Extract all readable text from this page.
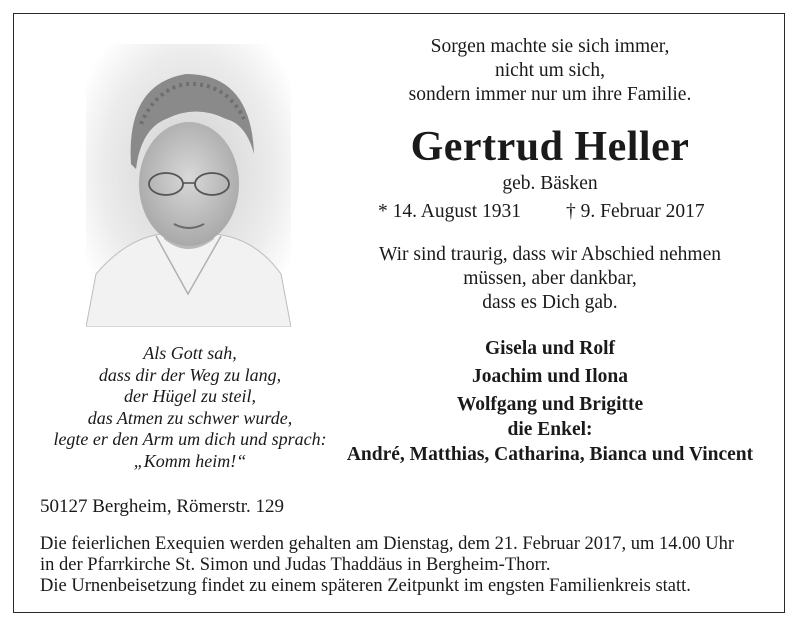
Sorgen machte sie sich immer,
nicht um sich,
sondern immer nur um ihre Familie.
Gertrud Heller
geb. Bäsken
* 14. August 1931 † 9. Februar 2017
Wir sind traurig, dass wir Abschied nehmen
müssen, aber dankbar,
dass es Dich gab.
Gisela und Rolf
Joachim und Ilona
Wolfgang und Brigitte
die Enkel:
André, Matthias, Catharina, Bianca und Vincent
Als Gott sah,
dass dir der Weg zu lang,
der Hügel zu steil,
das Atmen zu schwer wurde,
legte er den Arm um dich und sprach:
„Komm heim!“
50127 Bergheim, Römerstr. 129
Die feierlichen Exequien werden gehalten am Dienstag, dem 21. Februar 2017, um 14.00 Uhr
in der Pfarrkirche St. Simon und Judas Thaddäus in Bergheim-Thorr.
Die Urnenbeisetzung findet zu einem späteren Zeitpunkt im engsten Familienkreis statt.
